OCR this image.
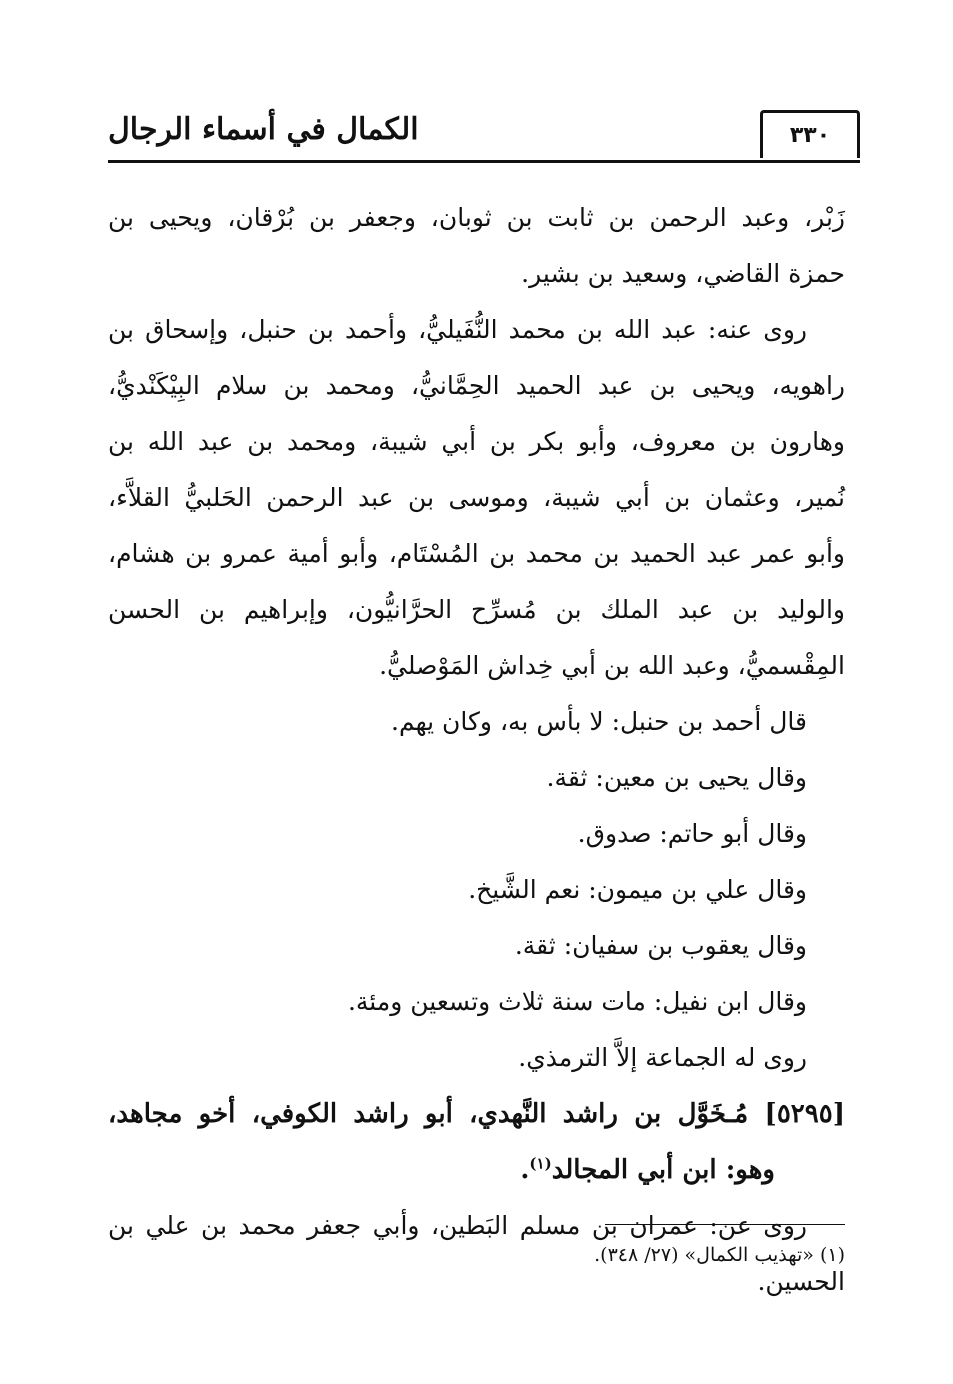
٣٣٠
الكمال في أسماء الرجال

زَبْر، وعبد الرحمن بن ثابت بن ثوبان، وجعفر بن بُرْقان، ويحيى بن
حمزة القاضي، وسعيد بن بشير.

روى عنه: عبد الله بن محمد النُّفَيليُّ، وأحمد بن حنبل، وإسحاق بن
راهويه، ويحيى بن عبد الحميد الحِمَّانيُّ، ومحمد بن سلام البِيْكَنْديُّ،
وهارون بن معروف، وأبو بكر بن أبي شيبة، ومحمد بن عبد الله بن
نُمير، وعثمان بن أبي شيبة، وموسى بن عبد الرحمن الحَلبيُّ القلاَّء،
وأبو عمر عبد الحميد بن محمد بن المُسْتَام، وأبو أمية عمرو بن هشام،
والوليد بن عبد الملك بن مُسرِّح الحرَّانيُّون، وإبراهيم بن الحسن
المِقْسميُّ، وعبد الله بن أبي خِداش المَوْصليُّ.

قال أحمد بن حنبل: لا بأس به، وكان يهم.

وقال يحيى بن معين: ثقة.

وقال أبو حاتم: صدوق.

وقال علي بن ميمون: نعم الشَّيخ.

وقال يعقوب بن سفيان: ثقة.

وقال ابن نفيل: مات سنة ثلاث وتسعين ومئة.

روى له الجماعة إلاَّ الترمذي.

[٥٢٩٥] مُـخَوَّل بن راشد النَّهدي، أبو راشد الكوفي، أخو مجاهد،
وهو: ابن أبي المجالد$^{(١)}$.

روى عن: عمران بن مسلم البَطين، وأبي جعفر محمد بن علي بن
الحسين.

(١) «تهذيب الكمال» (٢٧/ ٣٤٨).
